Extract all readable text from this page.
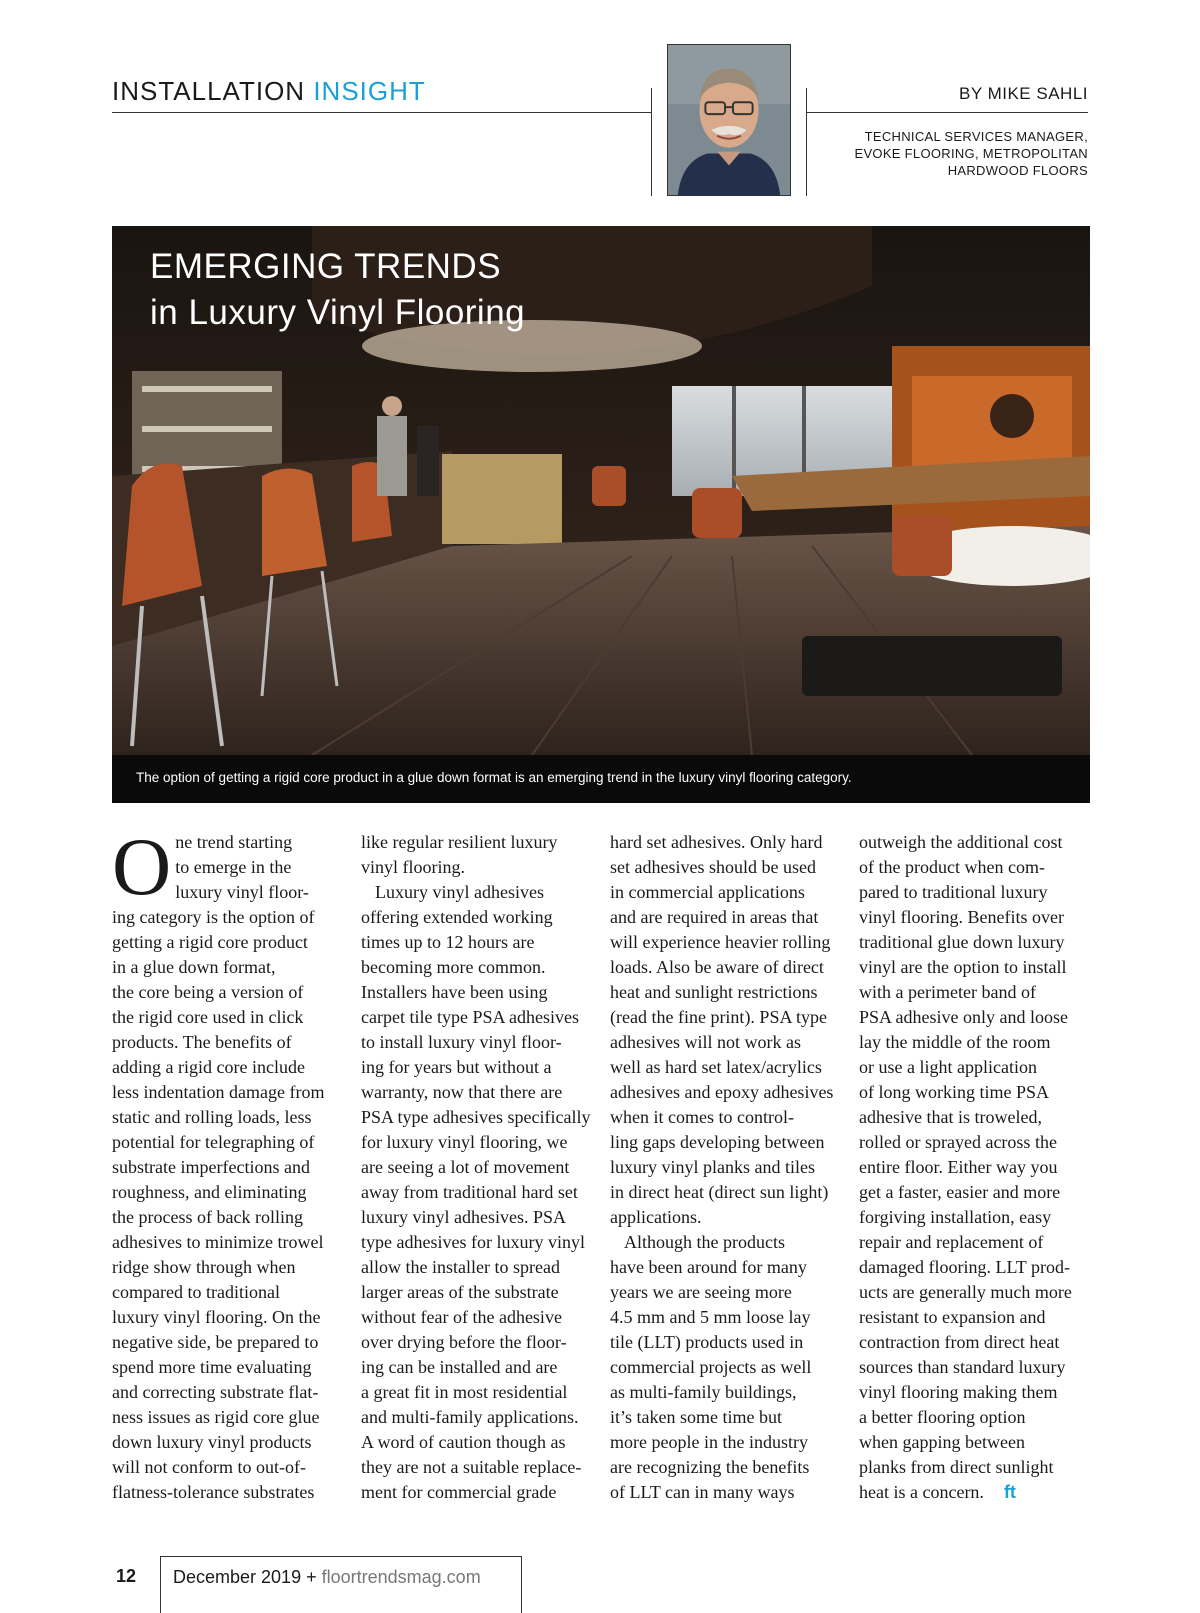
INSTALLATION INSIGHT	BY MIKE SAHLI
TECHNICAL SERVICES MANAGER,
EVOKE FLOORING, METROPOLITAN
HARDWOOD FLOORS
EMERGING TRENDS
in Luxury Vinyl Flooring
The option of getting a rigid core product in a glue down format is an emerging trend in the luxury vinyl flooring category.
O ne trend starting
to emerge in the
luxury vinyl floor-
ing category is the option of
getting a rigid core product
in a glue down format,
the core being a version of
the rigid core used in click
products. The benefits of
adding a rigid core include
less indentation damage from
static and rolling loads, less
potential for telegraphing of
substrate imperfections and
roughness, and eliminating
the process of back rolling
adhesives to minimize trowel
ridge show through when
compared to traditional
luxury vinyl flooring. On the
negative side, be prepared to
spend more time evaluating
and correcting substrate flat-
ness issues as rigid core glue
down luxury vinyl products
will not conform to out-of-
flatness-tolerance substrates
like regular resilient luxury
vinyl flooring.
Luxury vinyl adhesives
offering extended working
times up to 12 hours are
becoming more common.
Installers have been using
carpet tile type PSA adhesives
to install luxury vinyl floor-
ing for years but without a
warranty, now that there are
PSA type adhesives specifically
for luxury vinyl flooring, we
are seeing a lot of movement
away from traditional hard set
luxury vinyl adhesives. PSA
type adhesives for luxury vinyl
allow the installer to spread
larger areas of the substrate
without fear of the adhesive
over drying before the floor-
ing can be installed and are
a great fit in most residential
and multi-family applications.
A word of caution though as
they are not a suitable replace-
ment for commercial grade
hard set adhesives. Only hard
set adhesives should be used
in commercial applications
and are required in areas that
will experience heavier rolling
loads. Also be aware of direct
heat and sunlight restrictions
(read the fine print). PSA type
adhesives will not work as
well as hard set latex/acrylics
adhesives and epoxy adhesives
when it comes to control-
ling gaps developing between
luxury vinyl planks and tiles
in direct heat (direct sun light)
applications.
Although the products
have been around for many
years we are seeing more
4.5 mm and 5 mm loose lay
tile (LLT) products used in
commercial projects as well
as multi-family buildings,
it’s taken some time but
more people in the industry
are recognizing the benefits
of LLT can in many ways
outweigh the additional cost
of the product when com-
pared to traditional luxury
vinyl flooring. Benefits over
traditional glue down luxury
vinyl are the option to install
with a perimeter band of
PSA adhesive only and loose
lay the middle of the room
or use a light application
of long working time PSA
adhesive that is troweled,
rolled or sprayed across the
entire floor. Either way you
get a faster, easier and more
forgiving installation, easy
repair and replacement of
damaged flooring. LLT prod-
ucts are generally much more
resistant to expansion and
contraction from direct heat
sources than standard luxury
vinyl flooring making them
a better flooring option
when gapping between
planks from direct sunlight
heat is a concern. ft
12 December 2019 + floortrendsmag.com
